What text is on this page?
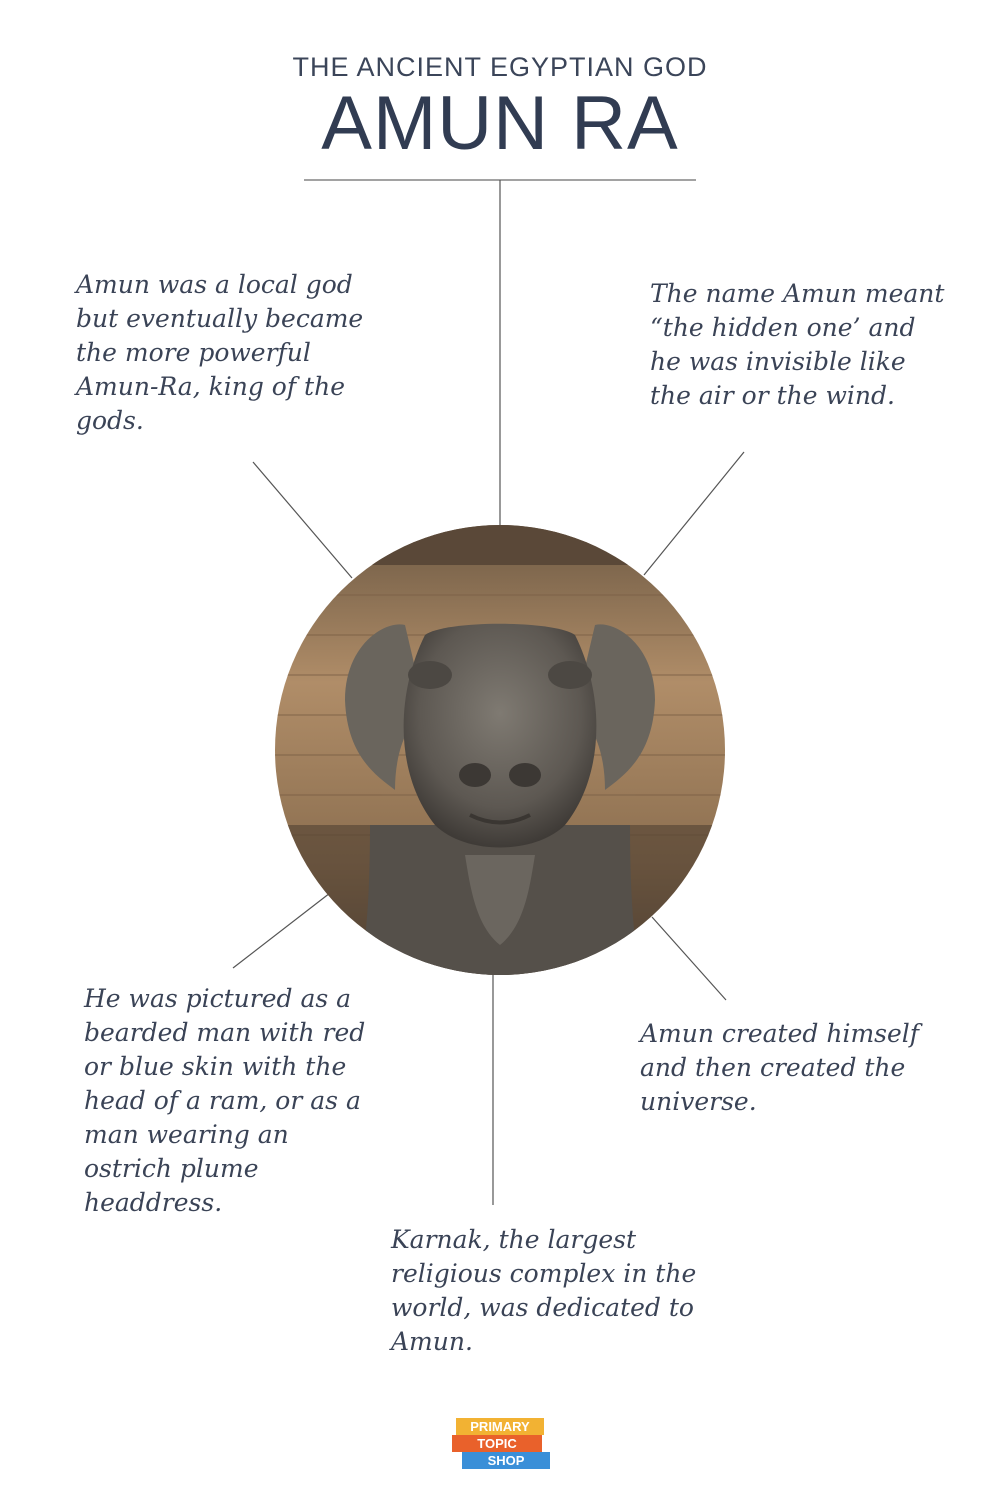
THE ANCIENT EGYPTIAN GOD
AMUN RA

Amun was a local god but eventually became the more powerful Amun-Ra, king of the gods.

The name Amun meant “the hidden one’ and he was invisible like the air or the wind.

He was pictured as a bearded man with red or blue skin with the head of a ram, or as a man wearing an ostrich plume headdress.

Amun created himself and then created the universe.

Karnak, the largest religious complex in the world, was dedicated to Amun.

PRIMARY
TOPIC
SHOP
